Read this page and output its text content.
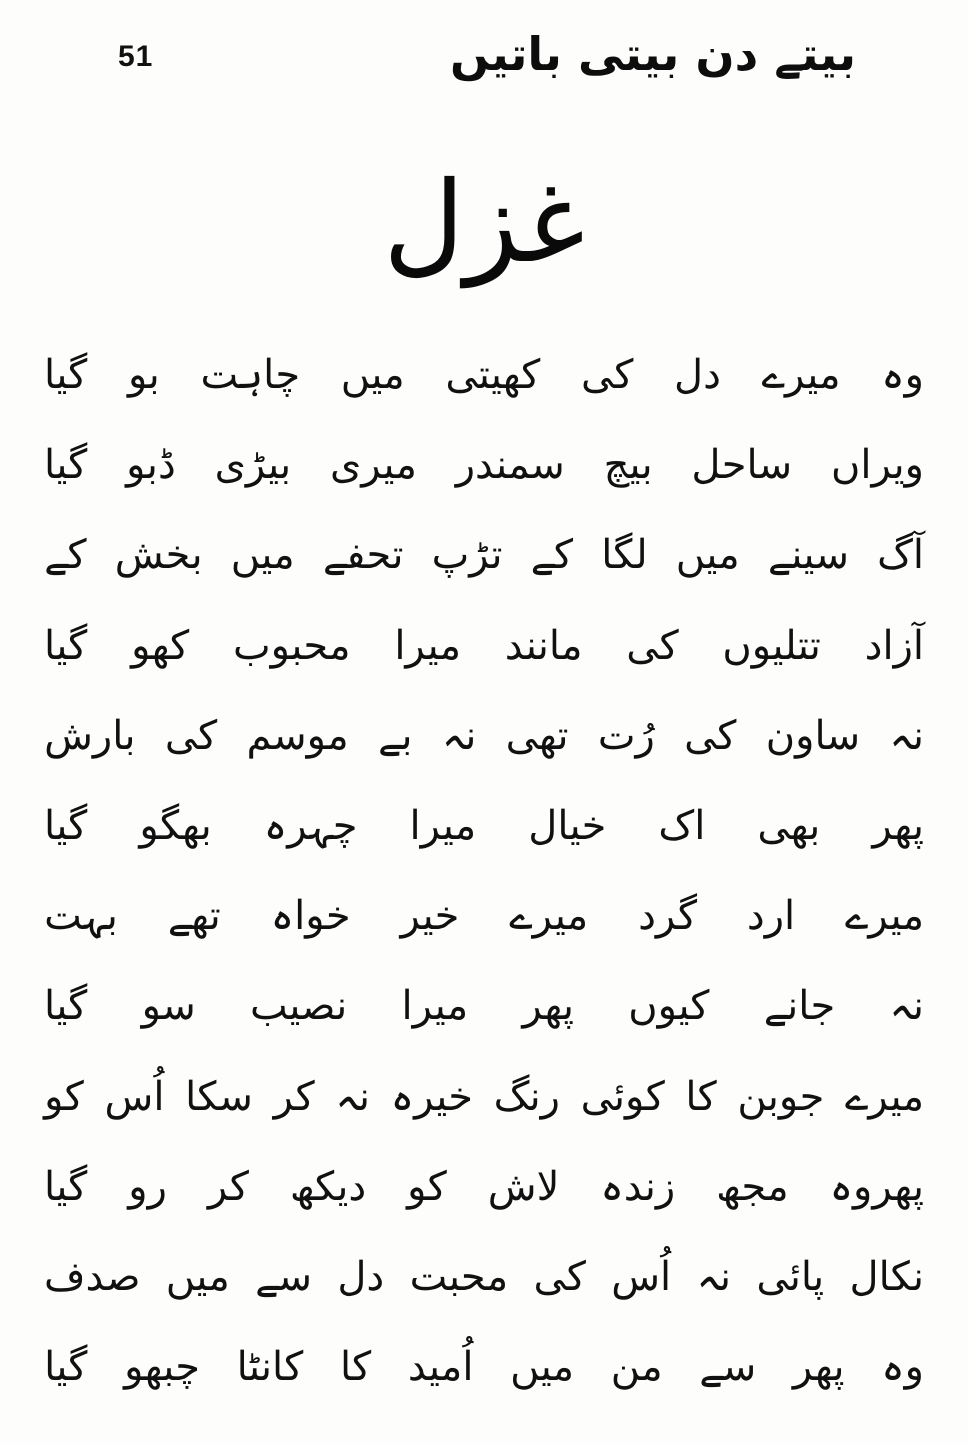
51	بیتے دن بیتی باتیں
غزل
وہ
میرے
دل
کی
کھیتی
میں
چاہت
بو
گیا
ویراں
ساحل
بیچ
سمندر
میری
بیڑی
ڈبو
گیا
آگ
سینے
میں
لگا
کے
تڑپ
تحفے
میں
بخش
کے
آزاد
تتلیوں
کی
مانند
میرا
محبوب
کھو
گیا
نہ
ساون
کی
رُت
تھی
نہ
بے
موسم
کی
بارش
پھر
بھی
اک
خیال
میرا
چہرہ
بھگو
گیا
میرے
ارد
گرد
میرے
خیر
خواہ
تھے
بہت
نہ
جانے
کیوں
پھر
میرا
نصیب
سو
گیا
میرے
جوبن
کا
کوئی
رنگ
خیرہ
نہ
کر
سکا
اُس
کو
پھروہ
مجھ
زندہ
لاش
کو
دیکھ
کر
رو
گیا
نکال
پائی
نہ
اُس
کی
محبت
دل
سے
میں
صدف
وہ
پھر
سے
من
میں
اُمید
کا
کانٹا
چبھو
گیا
